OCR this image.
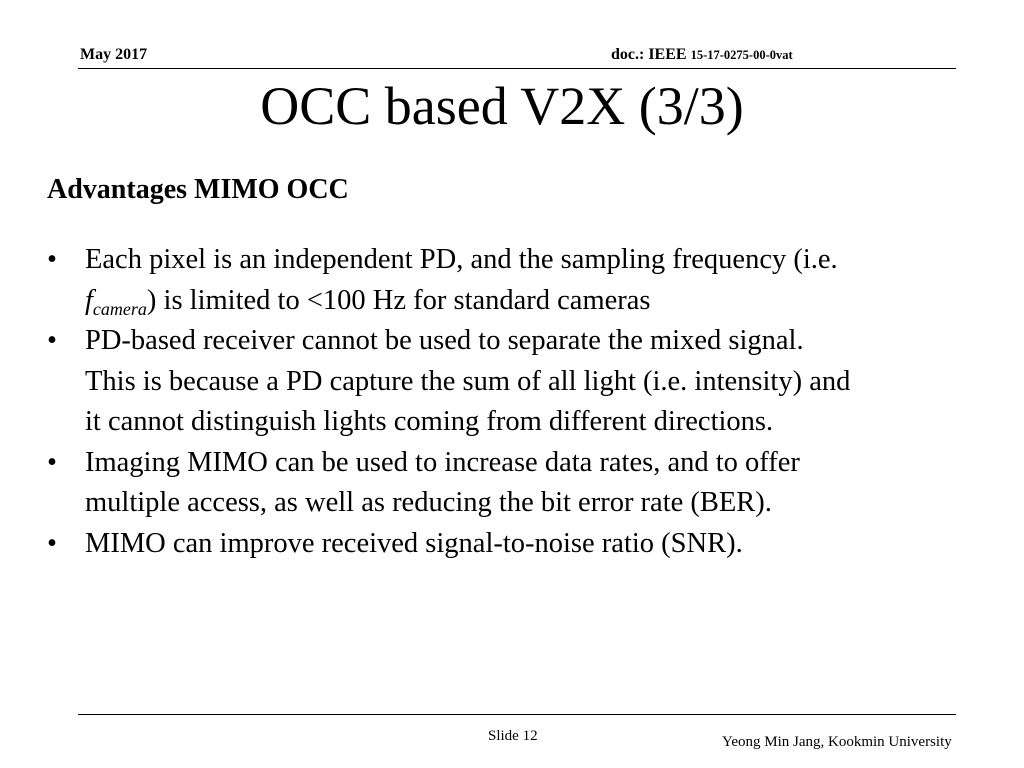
May 2017	doc.: IEEE 15-17-0275-00-0vat
OCC based V2X (3/3)
Advantages MIMO OCC
• Each pixel is an independent PD, and the sampling frequency (i.e.
$f_{camera}$) is limited to <100 Hz for standard cameras
• PD-based receiver cannot be used to separate the mixed signal.
This is because a PD capture the sum of all light (i.e. intensity) and
it cannot distinguish lights coming from different directions.
• Imaging MIMO can be used to increase data rates, and to offer
multiple access, as well as reducing the bit error rate (BER).
• MIMO can improve received signal-to-noise ratio (SNR).
Slide 12	Yeong Min Jang, Kookmin University
